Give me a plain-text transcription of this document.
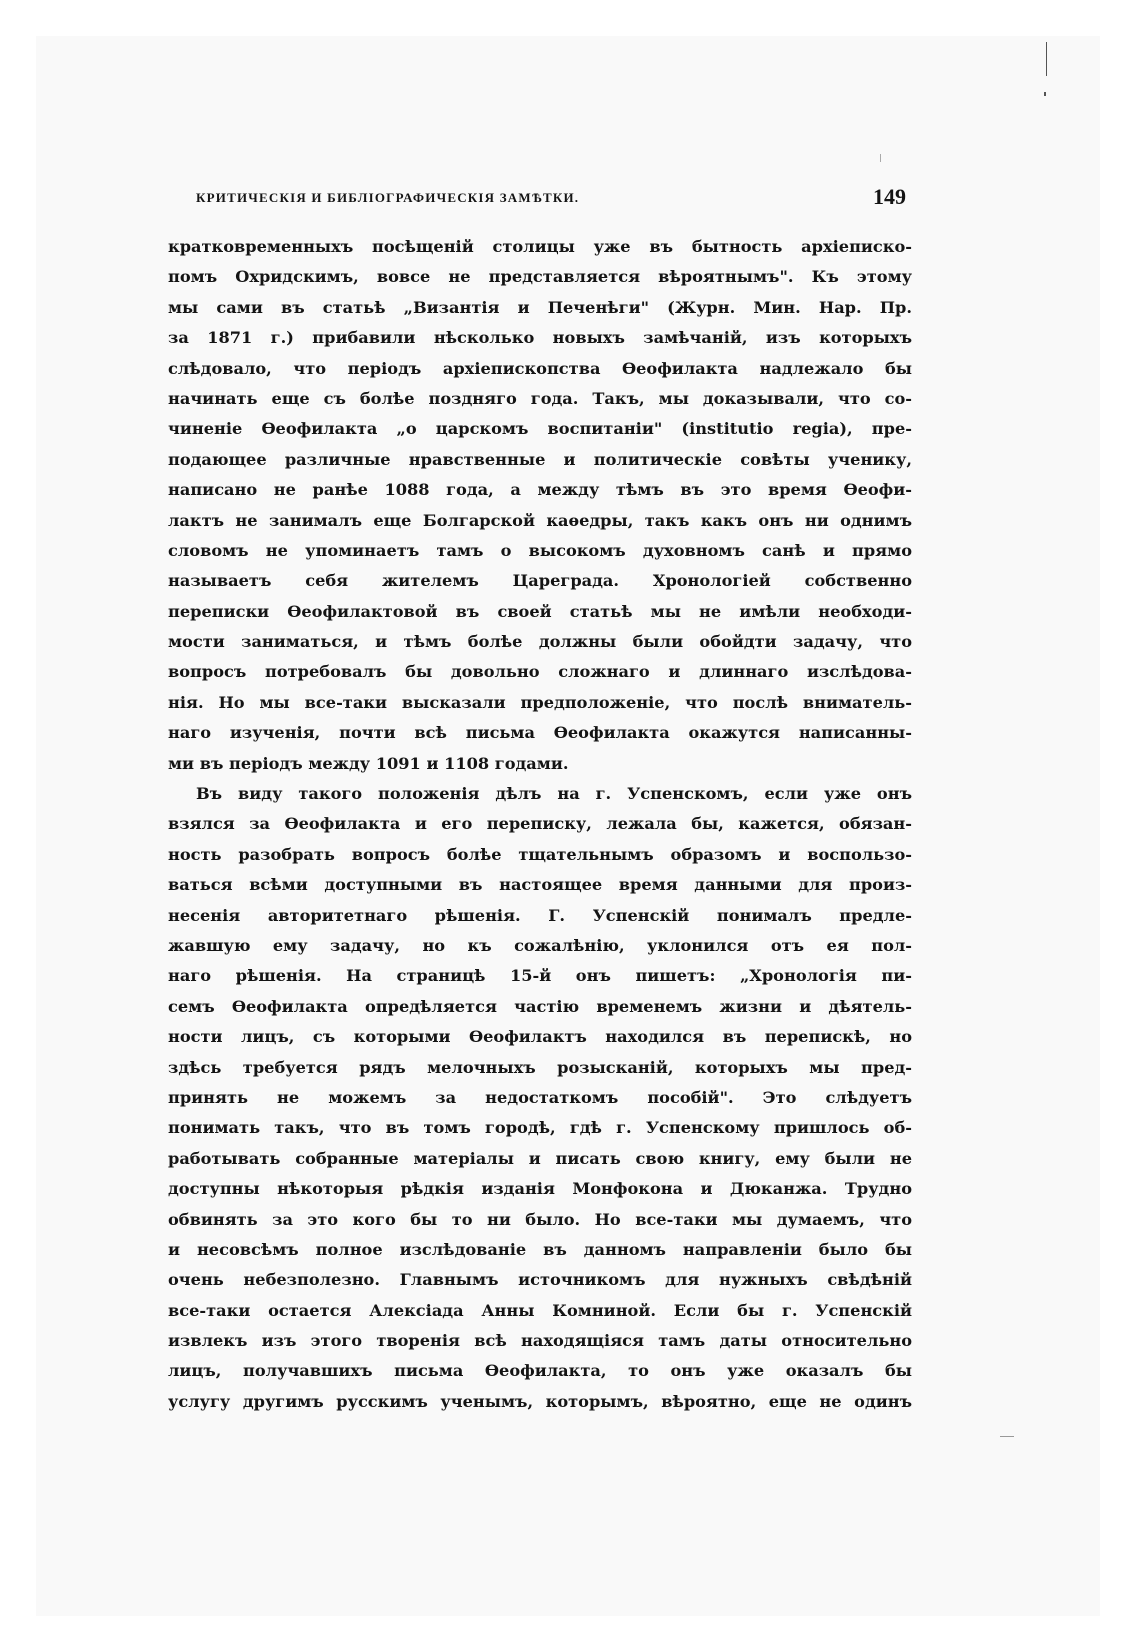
КРИТИЧЕСКІЯ И БИБЛІОГРАФИЧЕСКІЯ ЗАМѢТКИ.	149
кратковременныхъ посѣщеній столицы уже въ бытность архіеписко-
помъ Охридскимъ, вовсе не представляется вѣроятнымъ". Къ этому
мы сами въ статьѣ „Византія и Печенѣги" (Журн. Мин. Нар. Пр.
за 1871 г.) прибавили нѣсколько новыхъ замѣчаній, изъ которыхъ
слѣдовало, что періодъ архіепископства Ѳеофилакта надлежало бы
начинать еще съ болѣе поздняго года. Такъ, мы доказывали, что со-
чиненіе Ѳеофилакта „о царскомъ воспитаніи" (institutio regia), пре-
подающее различные нравственные и политическіе совѣты ученику,
написано не ранѣе 1088 года, а между тѣмъ въ это время Ѳеофи-
лактъ не занималъ еще Болгарской каѳедры, такъ какъ онъ ни однимъ
словомъ не упоминаетъ тамъ о высокомъ духовномъ санѣ и прямо
называетъ себя жителемъ Цареграда. Хронологіей собственно
переписки Ѳеофилактовой въ своей статьѣ мы не имѣли необходи-
мости заниматься, и тѣмъ болѣе должны были обойдти задачу, что
вопросъ потребовалъ бы довольно сложнаго и длиннаго изслѣдова-
нія. Но мы все-таки высказали предположеніе, что послѣ вниматель-
наго изученія, почти всѣ письма Ѳеофилакта окажутся написанны-
ми въ періодъ между 1091 и 1108 годами.
Въ виду такого положенія дѣлъ на г. Успенскомъ, если уже онъ
взялся за Ѳеофилакта и его переписку, лежала бы, кажется, обязан-
ность разобрать вопросъ болѣе тщательнымъ образомъ и воспользо-
ваться всѣми доступными въ настоящее время данными для произ-
несенія авторитетнаго рѣшенія. Г. Успенскій понималъ предле-
жавшую ему задачу, но къ сожалѣнію, уклонился отъ ея пол-
наго рѣшенія. На страницѣ 15-й онъ пишетъ: „Хронологія пи-
семъ Ѳеофилакта опредѣляется частію временемъ жизни и дѣятель-
ности лицъ, съ которыми Ѳеофилактъ находился въ перепискѣ, но
здѣсь требуется рядъ мелочныхъ розысканій, которыхъ мы пред-
принять не можемъ за недостаткомъ пособій". Это слѣдуетъ
понимать такъ, что въ томъ городѣ, гдѣ г. Успенскому пришлось об-
работывать собранные матеріалы и писать свою книгу, ему были не
доступны нѣкоторыя рѣдкія изданія Монфокона и Дюканжа. Трудно
обвинять за это кого бы то ни было. Но все-таки мы думаемъ, что
и несовсѣмъ полное изслѣдованіе въ данномъ направленіи было бы
очень небезполезно. Главнымъ источникомъ для нужныхъ свѣдѣній
все-таки остается Алексіада Анны Комниной. Если бы г. Успенскій
извлекъ изъ этого творенія всѣ находящіяся тамъ даты относительно
лицъ, получавшихъ письма Ѳеофилакта, то онъ уже оказалъ бы
услугу другимъ русскимъ ученымъ, которымъ, вѣроятно, еще не одинъ
